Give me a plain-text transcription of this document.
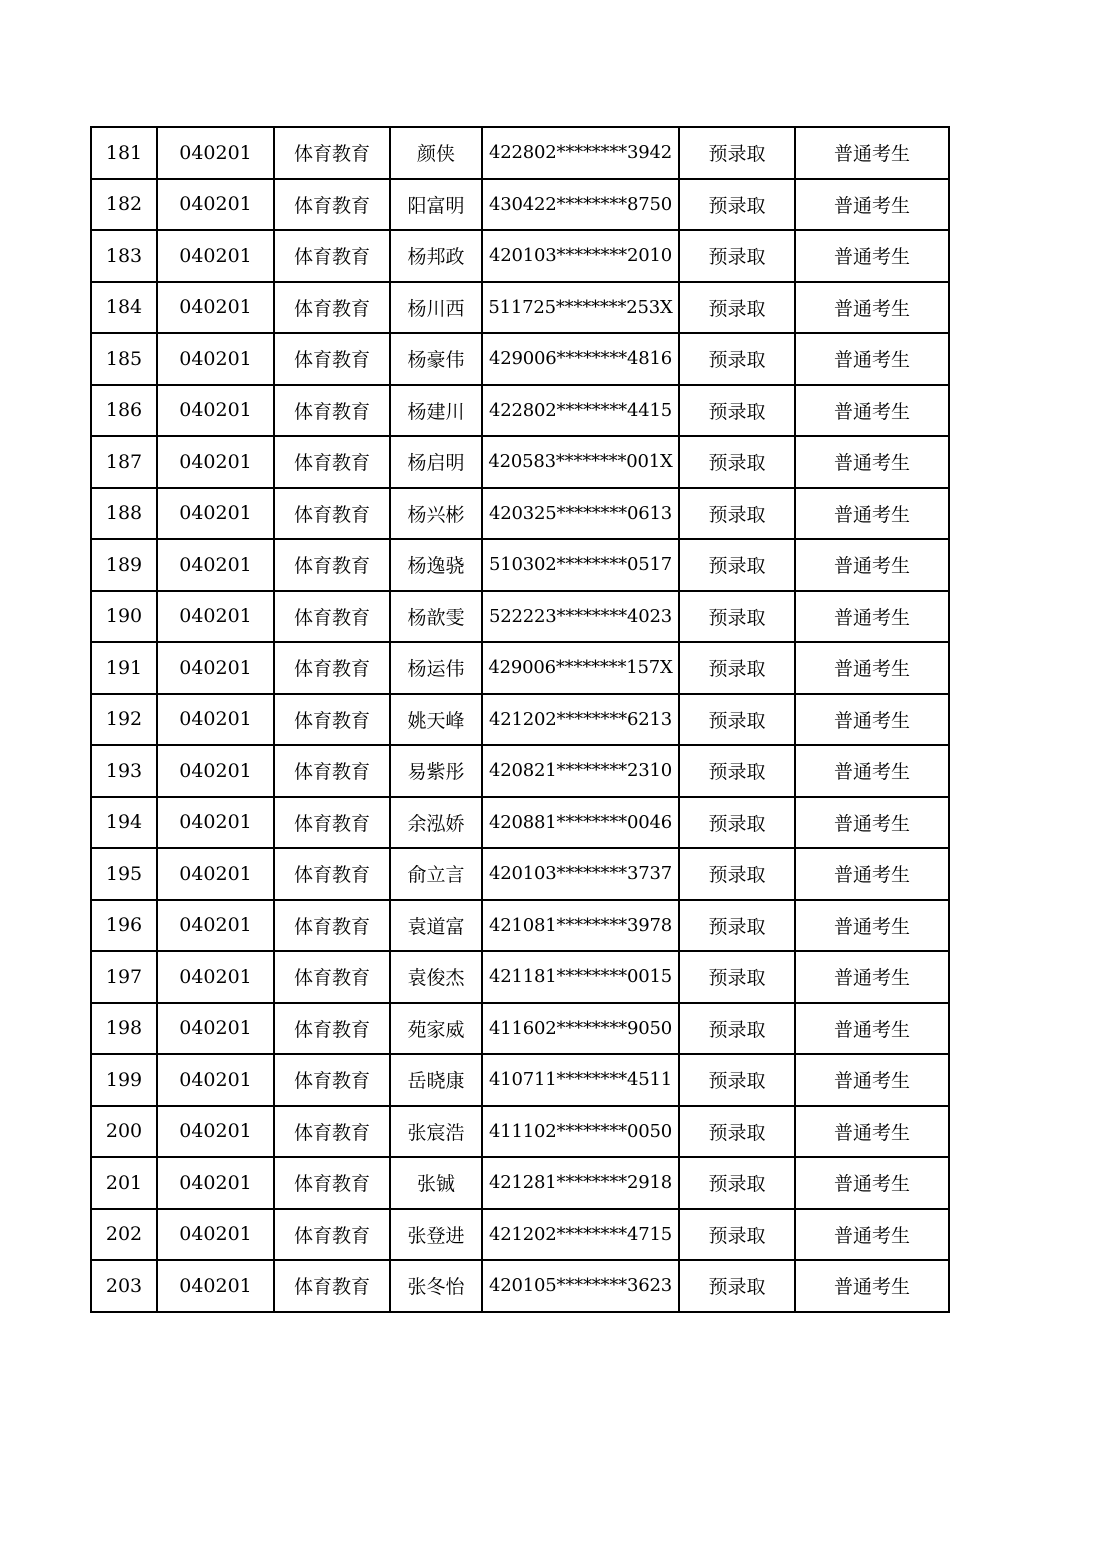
181	040201	体育教育	颜侠	422802********3942	预录取	普通考生
182	040201	体育教育	阳富明	430422********8750	预录取	普通考生
183	040201	体育教育	杨邦政	420103********2010	预录取	普通考生
184	040201	体育教育	杨川西	511725********253X	预录取	普通考生
185	040201	体育教育	杨豪伟	429006********4816	预录取	普通考生
186	040201	体育教育	杨建川	422802********4415	预录取	普通考生
187	040201	体育教育	杨启明	420583********001X	预录取	普通考生
188	040201	体育教育	杨兴彬	420325********0613	预录取	普通考生
189	040201	体育教育	杨逸骁	510302********0517	预录取	普通考生
190	040201	体育教育	杨歆雯	522223********4023	预录取	普通考生
191	040201	体育教育	杨运伟	429006********157X	预录取	普通考生
192	040201	体育教育	姚天峰	421202********6213	预录取	普通考生
193	040201	体育教育	易紫彤	420821********2310	预录取	普通考生
194	040201	体育教育	余泓娇	420881********0046	预录取	普通考生
195	040201	体育教育	俞立言	420103********3737	预录取	普通考生
196	040201	体育教育	袁道富	421081********3978	预录取	普通考生
197	040201	体育教育	袁俊杰	421181********0015	预录取	普通考生
198	040201	体育教育	苑家威	411602********9050	预录取	普通考生
199	040201	体育教育	岳晓康	410711********4511	预录取	普通考生
200	040201	体育教育	张宸浩	411102********0050	预录取	普通考生
201	040201	体育教育	张铖	421281********2918	预录取	普通考生
202	040201	体育教育	张登进	421202********4715	预录取	普通考生
203	040201	体育教育	张冬怡	420105********3623	预录取	普通考生
